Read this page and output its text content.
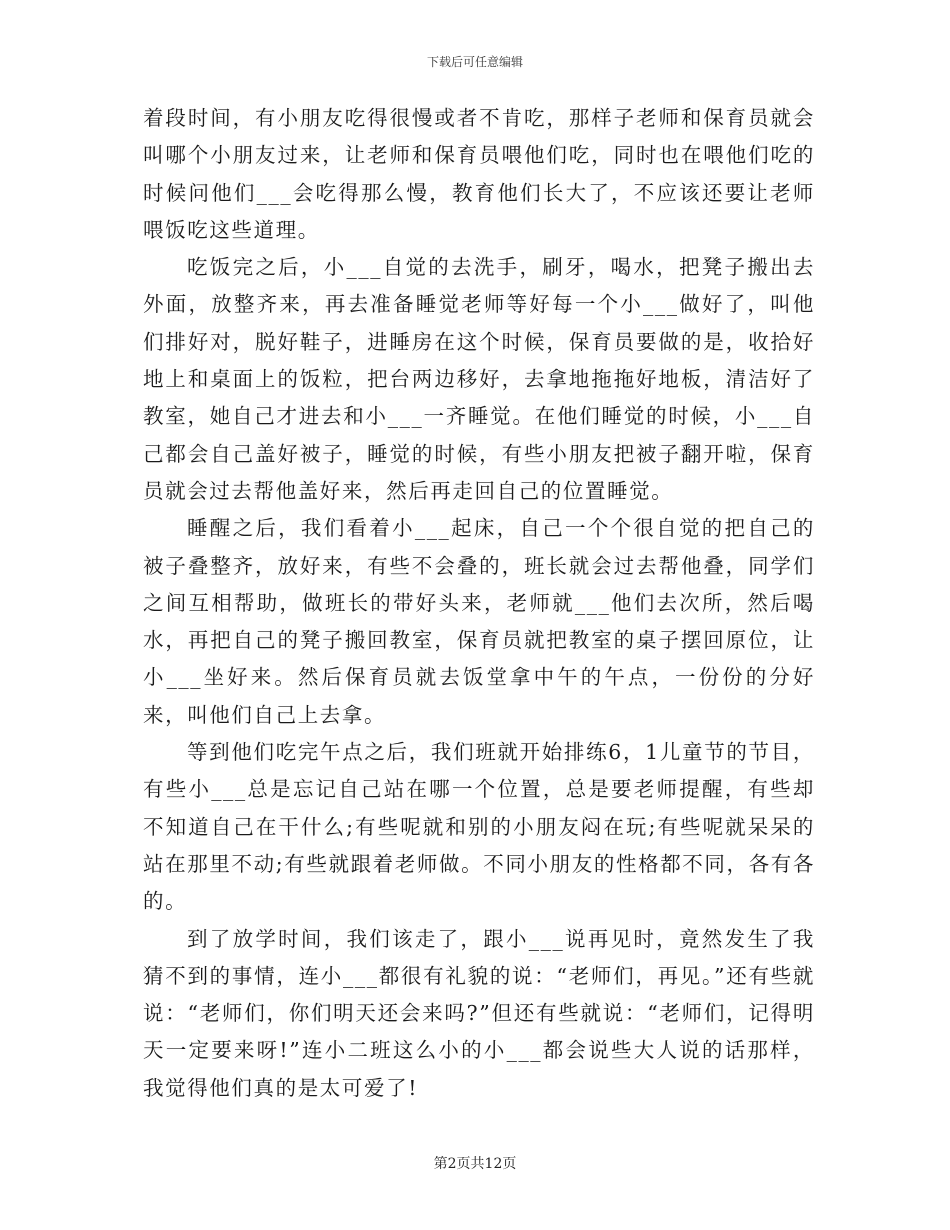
下载后可任意编辑

着段时间，有小朋友吃得很慢或者不肯吃，那样子老师和保育员就会叫哪个小朋友过来，让老师和保育员喂他们吃，同时也在喂他们吃的时候问他们___会吃得那么慢，教育他们长大了，不应该还要让老师喂饭吃这些道理。

吃饭完之后，小___自觉的去洗手，刷牙，喝水，把凳子搬出去外面，放整齐来，再去准备睡觉老师等好每一个小___做好了，叫他们排好对，脱好鞋子，进睡房在这个时候，保育员要做的是，收拾好地上和桌面上的饭粒，把台两边移好，去拿地拖拖好地板，清洁好了教室，她自己才进去和小___一齐睡觉。在他们睡觉的时候，小___自己都会自己盖好被子，睡觉的时候，有些小朋友把被子翻开啦，保育员就会过去帮他盖好来，然后再走回自己的位置睡觉。

睡醒之后，我们看着小___起床，自己一个个很自觉的把自己的被子叠整齐，放好来，有些不会叠的，班长就会过去帮他叠，同学们之间互相帮助，做班长的带好头来，老师就___他们去次所，然后喝水，再把自己的凳子搬回教室，保育员就把教室的桌子摆回原位，让小___坐好来。然后保育员就去饭堂拿中午的午点，一份份的分好来，叫他们自己上去拿。

等到他们吃完午点之后，我们班就开始排练6，1儿童节的节目，有些小___总是忘记自己站在哪一个位置，总是要老师提醒，有些却不知道自己在干什么;有些呢就和别的小朋友闷在玩;有些呢就呆呆的站在那里不动;有些就跟着老师做。不同小朋友的性格都不同，各有各的。

到了放学时间，我们该走了，跟小___说再见时，竟然发生了我猜不到的事情，连小___都很有礼貌的说：“老师们，再见。”还有些就说：“老师们，你们明天还会来吗?”但还有些就说：“老师们，记得明天一定要来呀!”连小二班这么小的小___都会说些大人说的话那样，我觉得他们真的是太可爱了!

第2页共12页
